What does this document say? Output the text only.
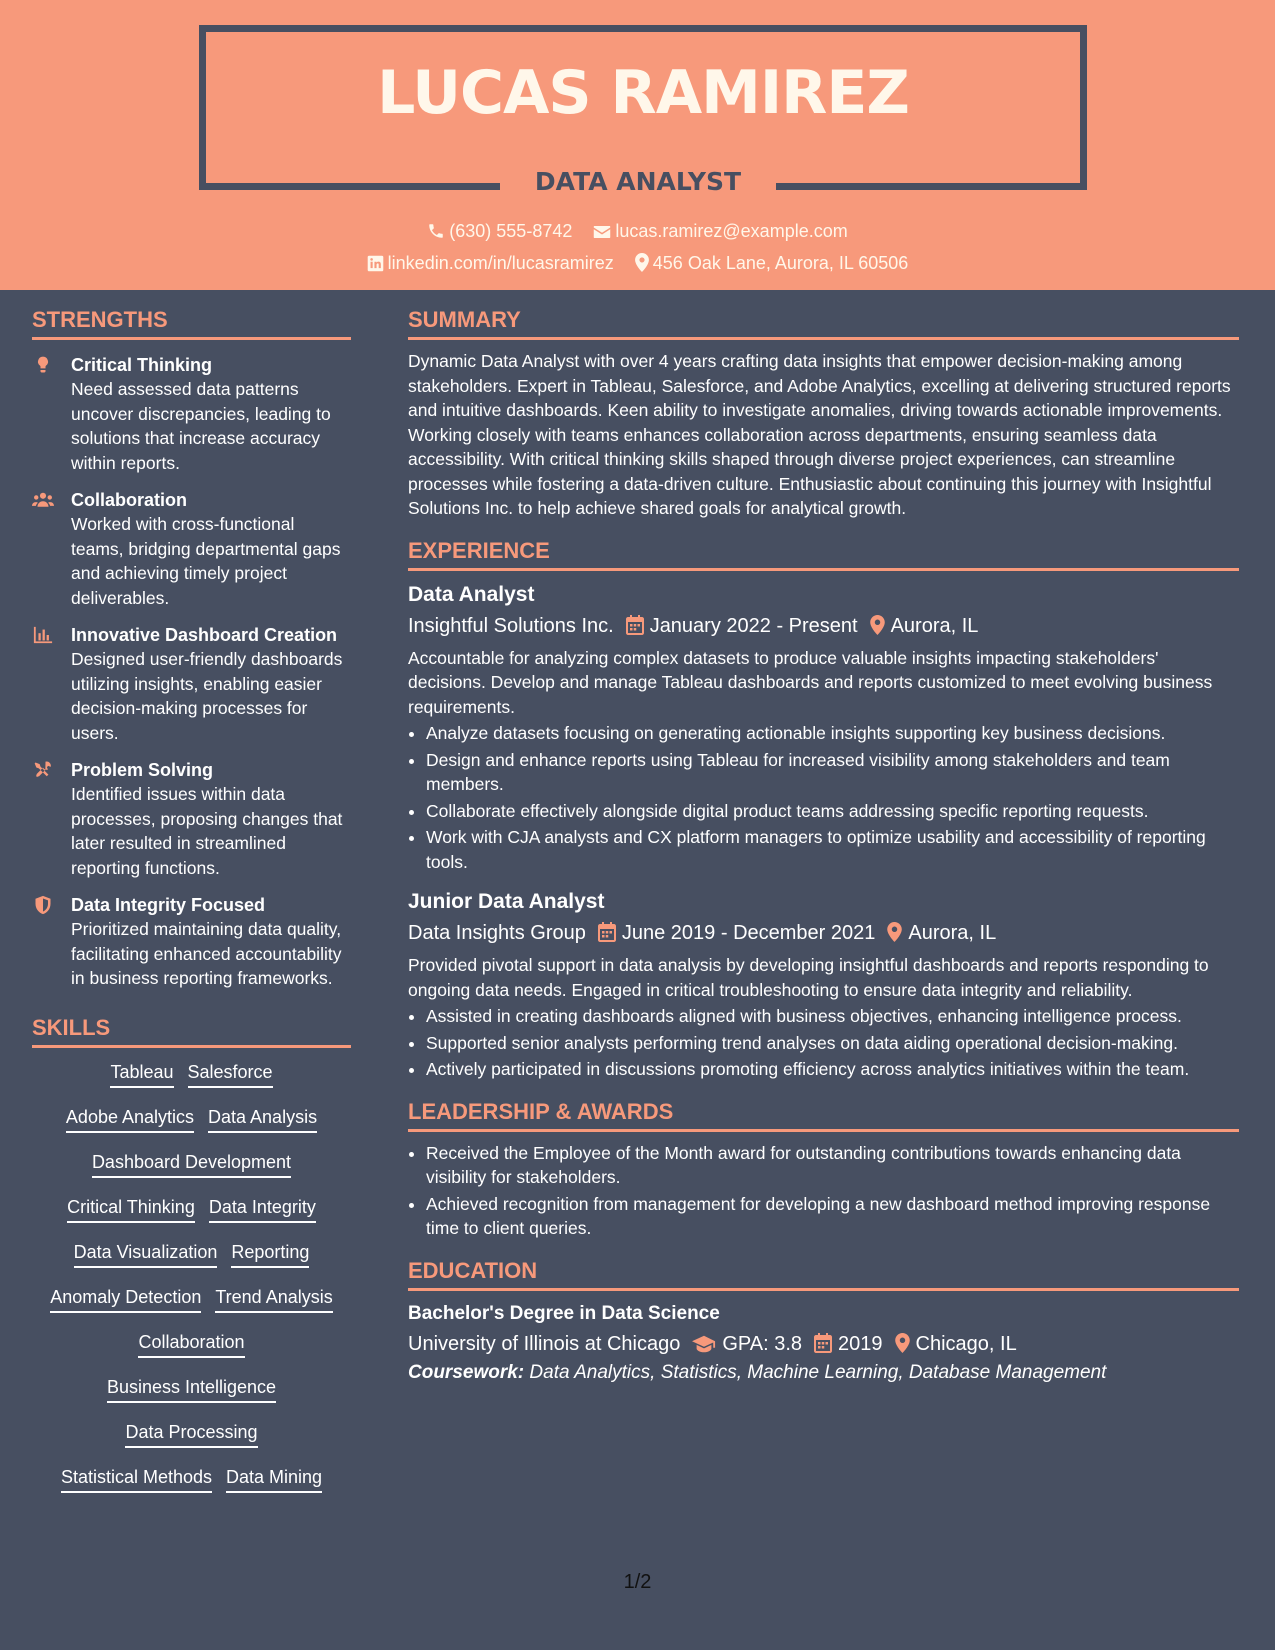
LUCAS RAMIREZ
DATA ANALYST
(630) 555-8742 lucas.ramirez@example.com
linkedin.com/in/lucasramirez 456 Oak Lane, Aurora, IL 60506
STRENGTHS
Critical Thinking
Need assessed data patterns uncover discrepancies, leading to solutions that increase accuracy within reports.
Collaboration
Worked with cross-functional teams, bridging departmental gaps and achieving timely project deliverables.
Innovative Dashboard Creation
Designed user-friendly dashboards utilizing insights, enabling easier decision-making processes for users.
Problem Solving
Identified issues within data processes, proposing changes that later resulted in streamlined reporting functions.
Data Integrity Focused
Prioritized maintaining data quality, facilitating enhanced accountability in business reporting frameworks.
SKILLS
Tableau Salesforce
Adobe Analytics Data Analysis
Dashboard Development
Critical Thinking Data Integrity
Data Visualization Reporting
Anomaly Detection Trend Analysis
Collaboration
Business Intelligence
Data Processing
Statistical Methods Data Mining
SUMMARY
Dynamic Data Analyst with over 4 years crafting data insights that empower decision-making among stakeholders. Expert in Tableau, Salesforce, and Adobe Analytics, excelling at delivering structured reports and intuitive dashboards. Keen ability to investigate anomalies, driving towards actionable improvements. Working closely with teams enhances collaboration across departments, ensuring seamless data accessibility. With critical thinking skills shaped through diverse project experiences, can streamline processes while fostering a data-driven culture. Enthusiastic about continuing this journey with Insightful Solutions Inc. to help achieve shared goals for analytical growth.
EXPERIENCE
Data Analyst
Insightful Solutions Inc. January 2022 - Present Aurora, IL
Accountable for analyzing complex datasets to produce valuable insights impacting stakeholders' decisions. Develop and manage Tableau dashboards and reports customized to meet evolving business requirements.
• Analyze datasets focusing on generating actionable insights supporting key business decisions.
• Design and enhance reports using Tableau for increased visibility among stakeholders and team members.
• Collaborate effectively alongside digital product teams addressing specific reporting requests.
• Work with CJA analysts and CX platform managers to optimize usability and accessibility of reporting tools.
Junior Data Analyst
Data Insights Group June 2019 - December 2021 Aurora, IL
Provided pivotal support in data analysis by developing insightful dashboards and reports responding to ongoing data needs. Engaged in critical troubleshooting to ensure data integrity and reliability.
• Assisted in creating dashboards aligned with business objectives, enhancing intelligence process.
• Supported senior analysts performing trend analyses on data aiding operational decision-making.
• Actively participated in discussions promoting efficiency across analytics initiatives within the team.
LEADERSHIP & AWARDS
• Received the Employee of the Month award for outstanding contributions towards enhancing data visibility for stakeholders.
• Achieved recognition from management for developing a new dashboard method improving response time to client queries.
EDUCATION
Bachelor's Degree in Data Science
University of Illinois at Chicago GPA: 3.8 2019 Chicago, IL
Coursework: Data Analytics, Statistics, Machine Learning, Database Management
1/2
